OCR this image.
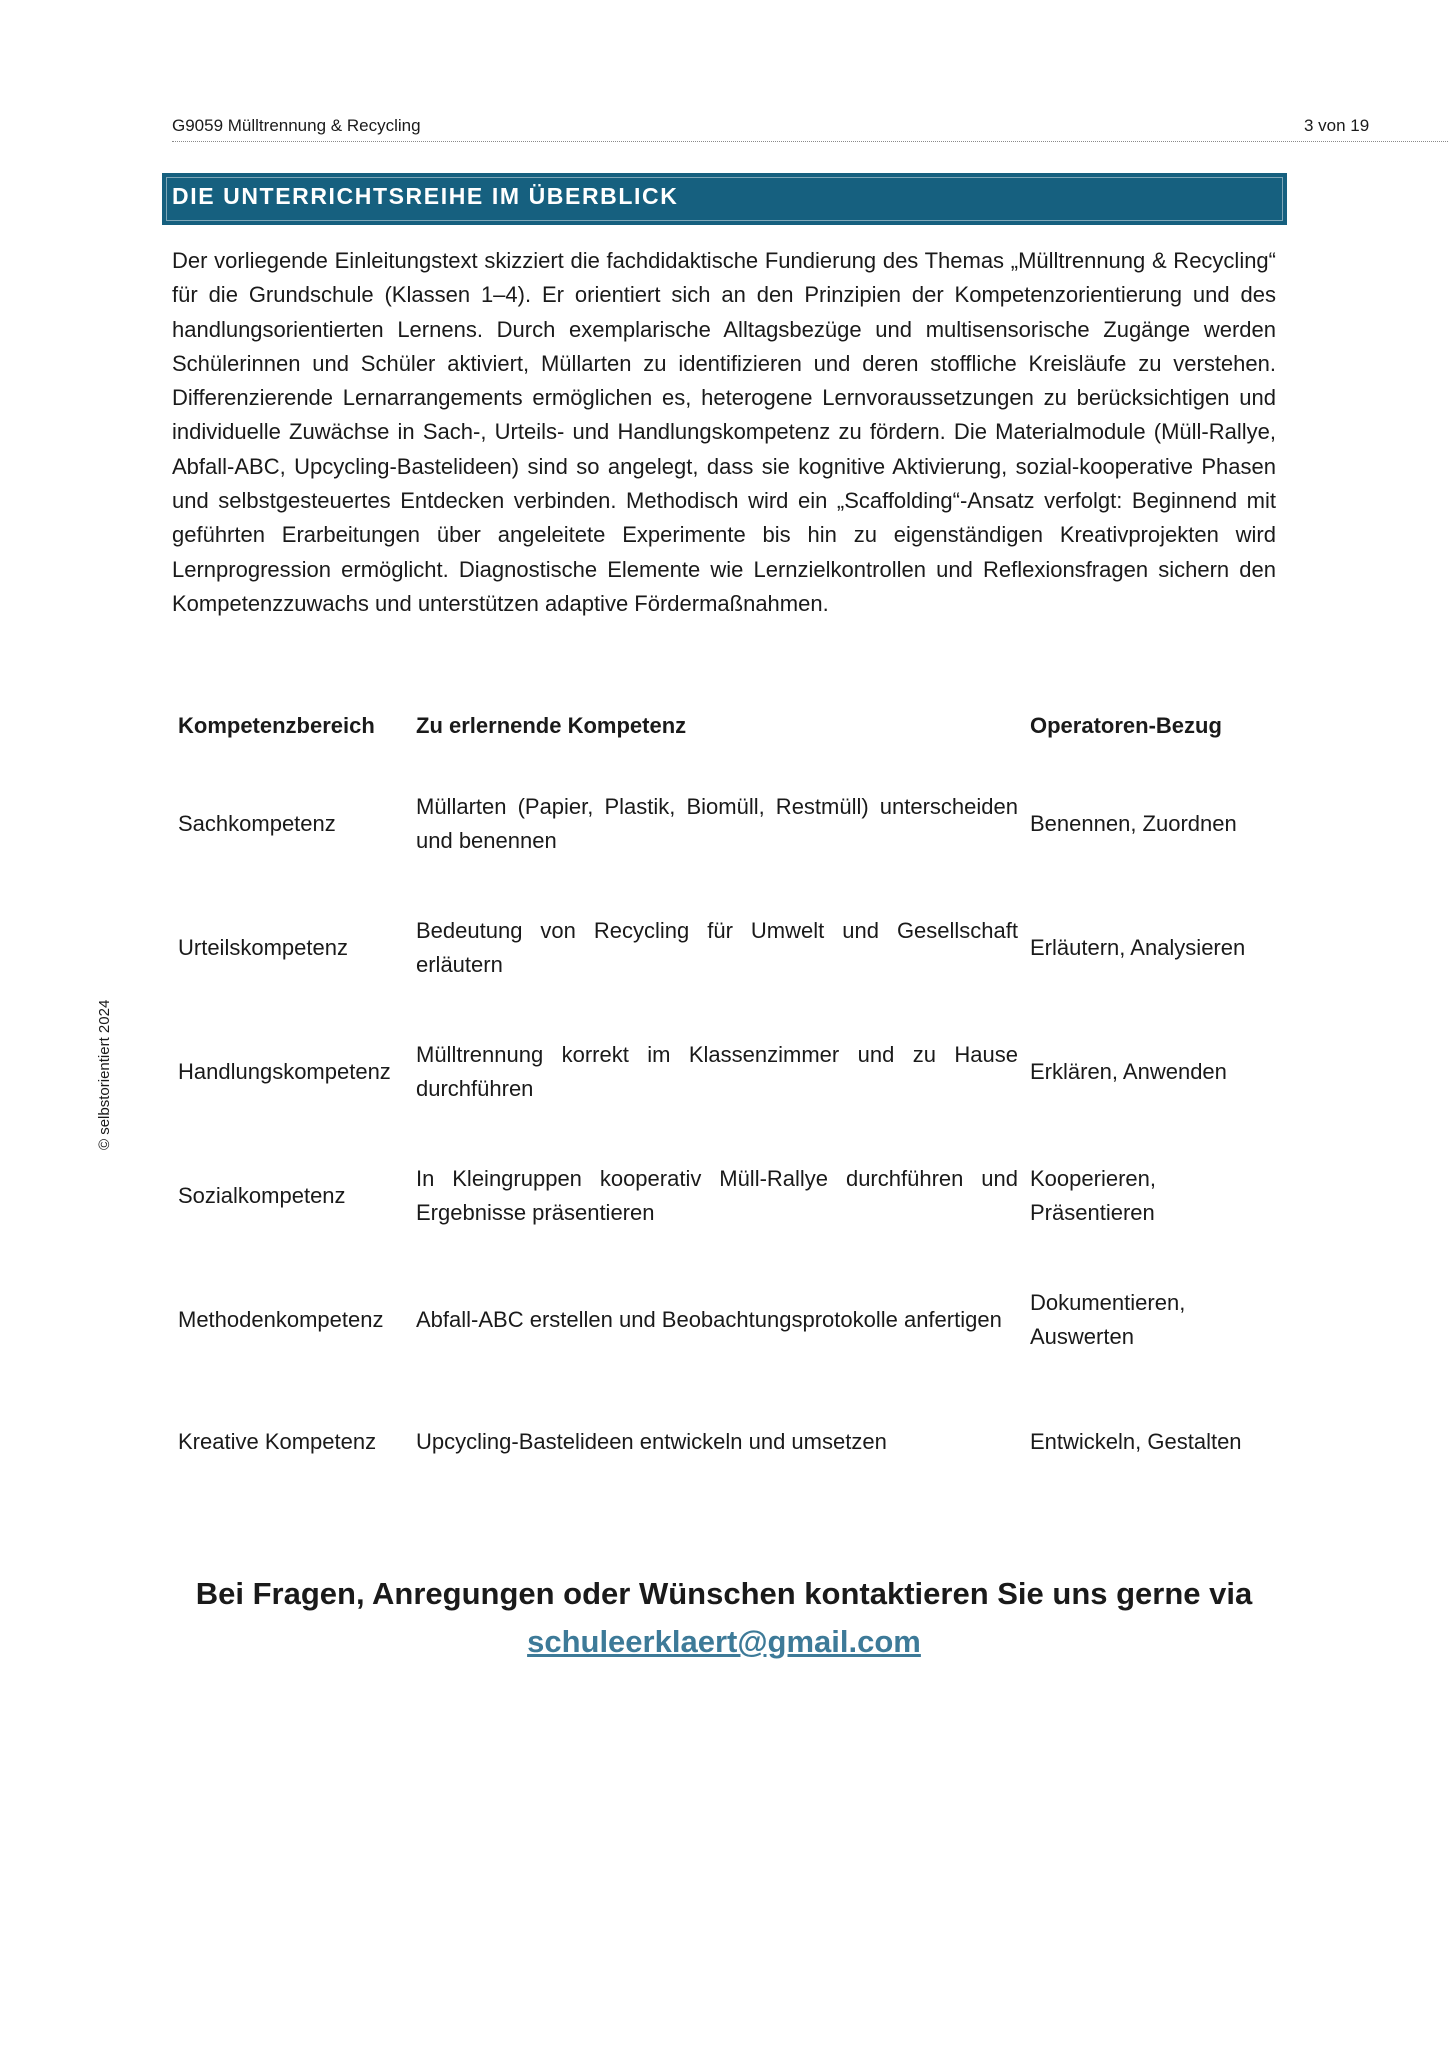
G9059 Mülltrennung & Recycling	3 von 19
© selbstorientiert 2024
DIE UNTERRICHTSREIHE IM ÜBERBLICK

Der vorliegende Einleitungstext skizziert die fachdidaktische Fundierung des Themas „Mülltrennung & Recycling“ für die Grundschule (Klassen 1–4). Er orientiert sich an den Prinzipien der Kompetenzorientierung und des handlungsorientierten Lernens. Durch exemplarische Alltagsbezüge und multisensorische Zugänge werden Schülerinnen und Schüler aktiviert, Müllarten zu identifizieren und deren stoffliche Kreisläufe zu verstehen. Differenzierende Lernarrangements ermöglichen es, heterogene Lernvoraussetzungen zu berücksichtigen und individuelle Zuwächse in Sach-, Urteils- und Handlungskompetenz zu fördern. Die Materialmodule (Müll-Rallye, Abfall-ABC, Upcycling-Bastelideen) sind so angelegt, dass sie kognitive Aktivierung, sozial-kooperative Phasen und selbstgesteuertes Entdecken verbinden. Methodisch wird ein „Scaffolding“-Ansatz verfolgt: Beginnend mit geführten Erarbeitungen über angeleitete Experimente bis hin zu eigenständigen Kreativprojekten wird Lernprogression ermöglicht. Diagnostische Elemente wie Lernzielkontrollen und Reflexionsfragen sichern den Kompetenzzuwachs und unterstützen adaptive Fördermaßnahmen.

Kompetenzbereich	Zu erlernende Kompetenz	Operatoren-Bezug
Sachkompetenz	Müllarten (Papier, Plastik, Biomüll, Restmüll) unterscheiden und benennen	Benennen, Zuordnen
Urteilskompetenz	Bedeutung von Recycling für Umwelt und Gesellschaft erläutern	Erläutern, Analysieren
Handlungskompetenz	Mülltrennung korrekt im Klassenzimmer und zu Hause durchführen	Erklären, Anwenden
Sozialkompetenz	In Kleingruppen kooperativ Müll-Rallye durchführen und Ergebnisse präsentieren	Kooperieren, Präsentieren
Methodenkompetenz	Abfall-ABC erstellen und Beobachtungsprotokolle anfertigen	Dokumentieren, Auswerten
Kreative Kompetenz	Upcycling-Bastelideen entwickeln und umsetzen	Entwickeln, Gestalten
Bei Fragen, Anregungen oder Wünschen kontaktieren Sie uns gerne via
schuleerklaert@gmail.com
